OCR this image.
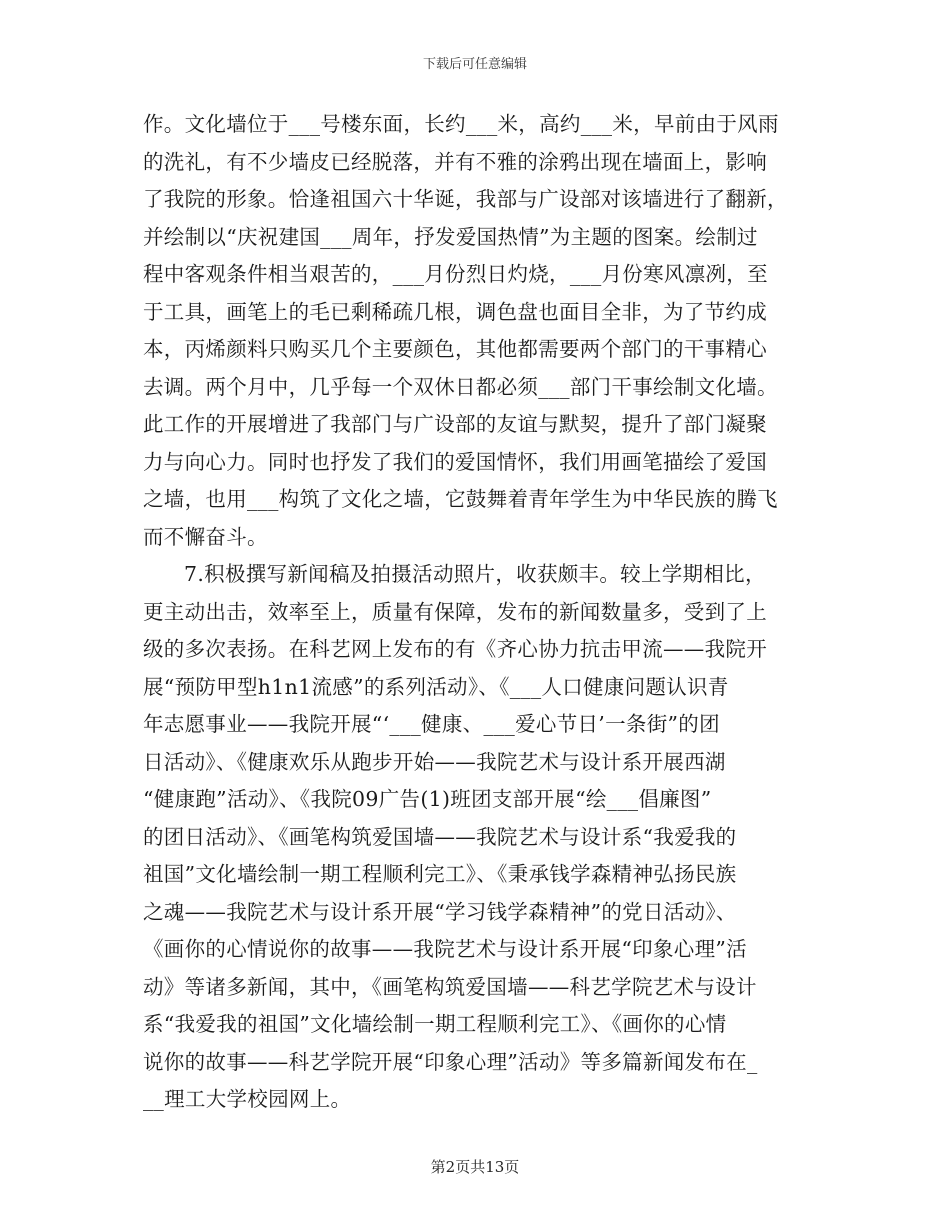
下载后可任意编辑
作。文化墙位于___号楼东面，长约___米，高约___米，早前由于风雨
的洗礼，有不少墙皮已经脱落，并有不雅的涂鸦出现在墙面上，影响
了我院的形象。恰逢祖国六十华诞，我部与广设部对该墙进行了翻新，
并绘制以“庆祝建国___周年，抒发爱国热情”为主题的图案。绘制过
程中客观条件相当艰苦的，___月份烈日灼烧，___月份寒风凛冽，至
于工具，画笔上的毛已剩稀疏几根，调色盘也面目全非，为了节约成
本，丙烯颜料只购买几个主要颜色，其他都需要两个部门的干事精心
去调。两个月中，几乎每一个双休日都必须___部门干事绘制文化墙。
此工作的开展增进了我部门与广设部的友谊与默契，提升了部门凝聚
力与向心力。同时也抒发了我们的爱国情怀，我们用画笔描绘了爱国
之墙，也用___构筑了文化之墙，它鼓舞着青年学生为中华民族的腾飞
而不懈奋斗。
7.积极撰写新闻稿及拍摄活动照片，收获颇丰。较上学期相比，
更主动出击，效率至上，质量有保障，发布的新闻数量多，受到了上
级的多次表扬。在科艺网上发布的有《齐心协力抗击甲流——我院开
展“预防甲型h1n1流感”的系列活动》、《___人口健康问题认识青
年志愿事业——我院开展“‘___健康、___爱心节日’一条街”的团
日活动》、《健康欢乐从跑步开始——我院艺术与设计系开展西湖
“健康跑”活动》、《我院09广告(1)班团支部开展“绘___倡廉图”
的团日活动》、《画笔构筑爱国墙——我院艺术与设计系“我爱我的
祖国”文化墙绘制一期工程顺利完工》、《秉承钱学森精神弘扬民族
之魂——我院艺术与设计系开展“学习钱学森精神”的党日活动》、
《画你的心情说你的故事——我院艺术与设计系开展“印象心理”活
动》等诸多新闻，其中，《画笔构筑爱国墙——科艺学院艺术与设计
系“我爱我的祖国”文化墙绘制一期工程顺利完工》、《画你的心情
说你的故事——科艺学院开展“印象心理”活动》等多篇新闻发布在_
__理工大学校园网上。
第2页共13页
